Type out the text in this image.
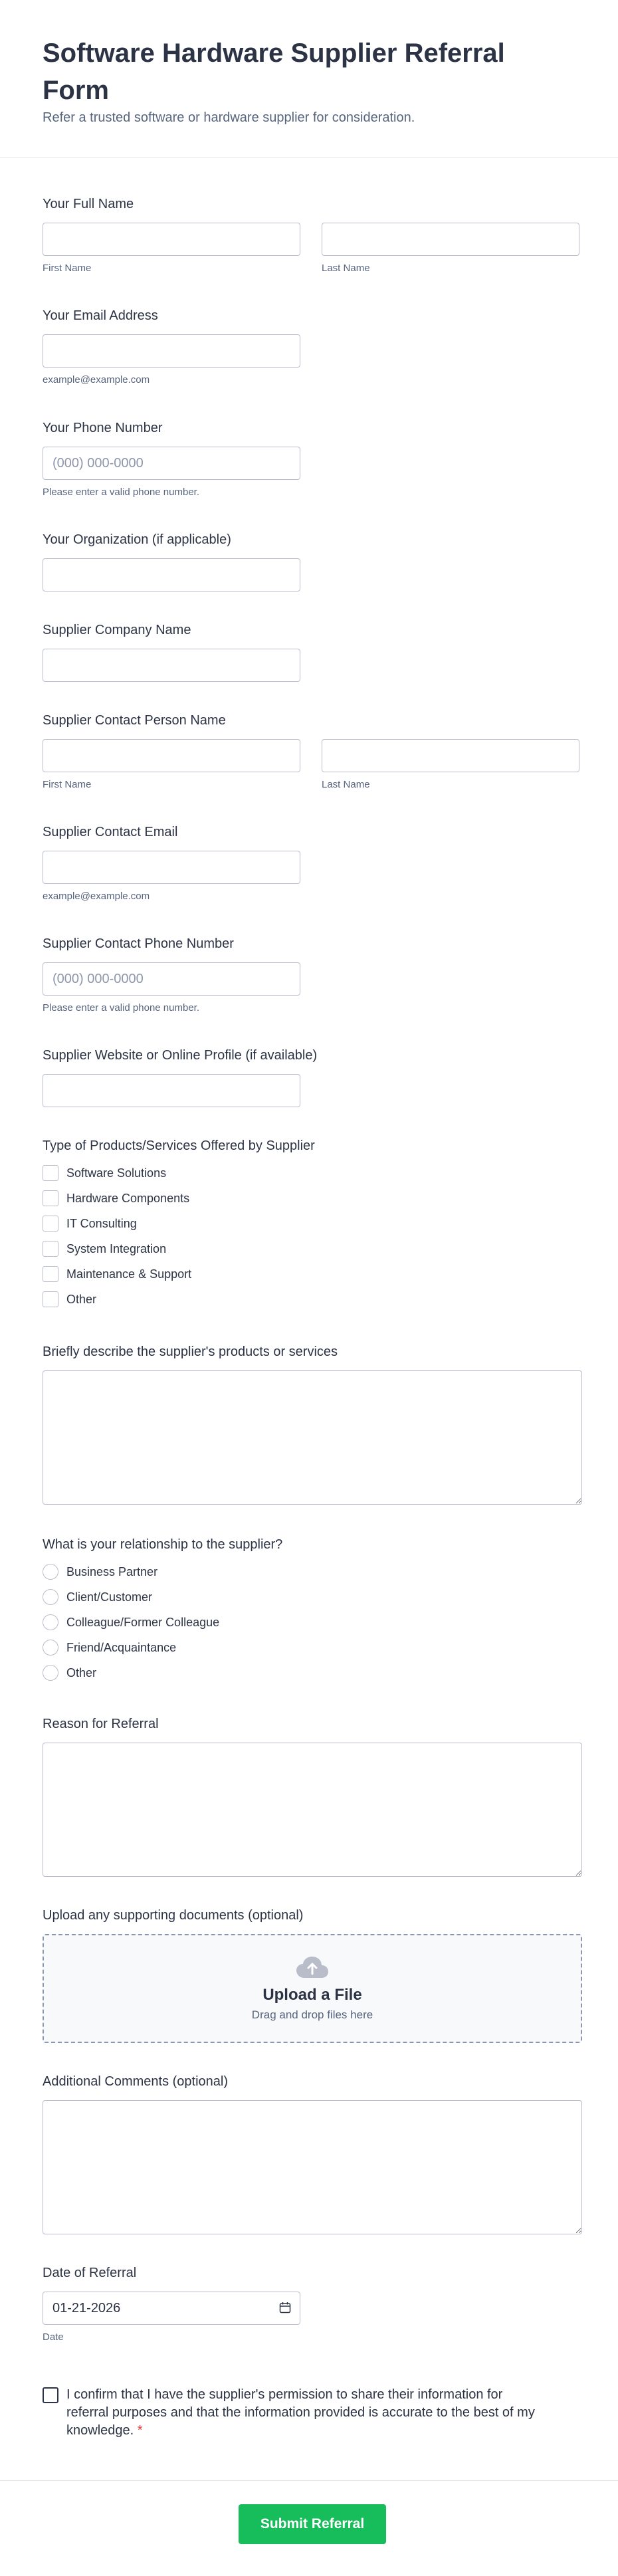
Software Hardware Supplier Referral Form

Refer a trusted software or hardware supplier for consideration.

Your Full Name
First Name	Last Name
Your Email Address
example@example.com
Your Phone Number
(000) 000-0000
Please enter a valid phone number.
Your Organization (if applicable)
Supplier Company Name
Supplier Contact Person Name
First Name	Last Name
Supplier Contact Email
example@example.com
Supplier Contact Phone Number
(000) 000-0000
Please enter a valid phone number.
Supplier Website or Online Profile (if available)
Type of Products/Services Offered by Supplier
Software Solutions
Hardware Components
IT Consulting
System Integration
Maintenance & Support
Other
Briefly describe the supplier's products or services
What is your relationship to the supplier?
Business Partner
Client/Customer
Colleague/Former Colleague
Friend/Acquaintance
Other
Reason for Referral
Upload any supporting documents (optional)
Upload a File
Drag and drop files here
Additional Comments (optional)
Date of Referral
01-21-2026
Date
I confirm that I have the supplier's permission to share their information for referral purposes and that the information provided is accurate to the best of my knowledge. *
Submit Referral
